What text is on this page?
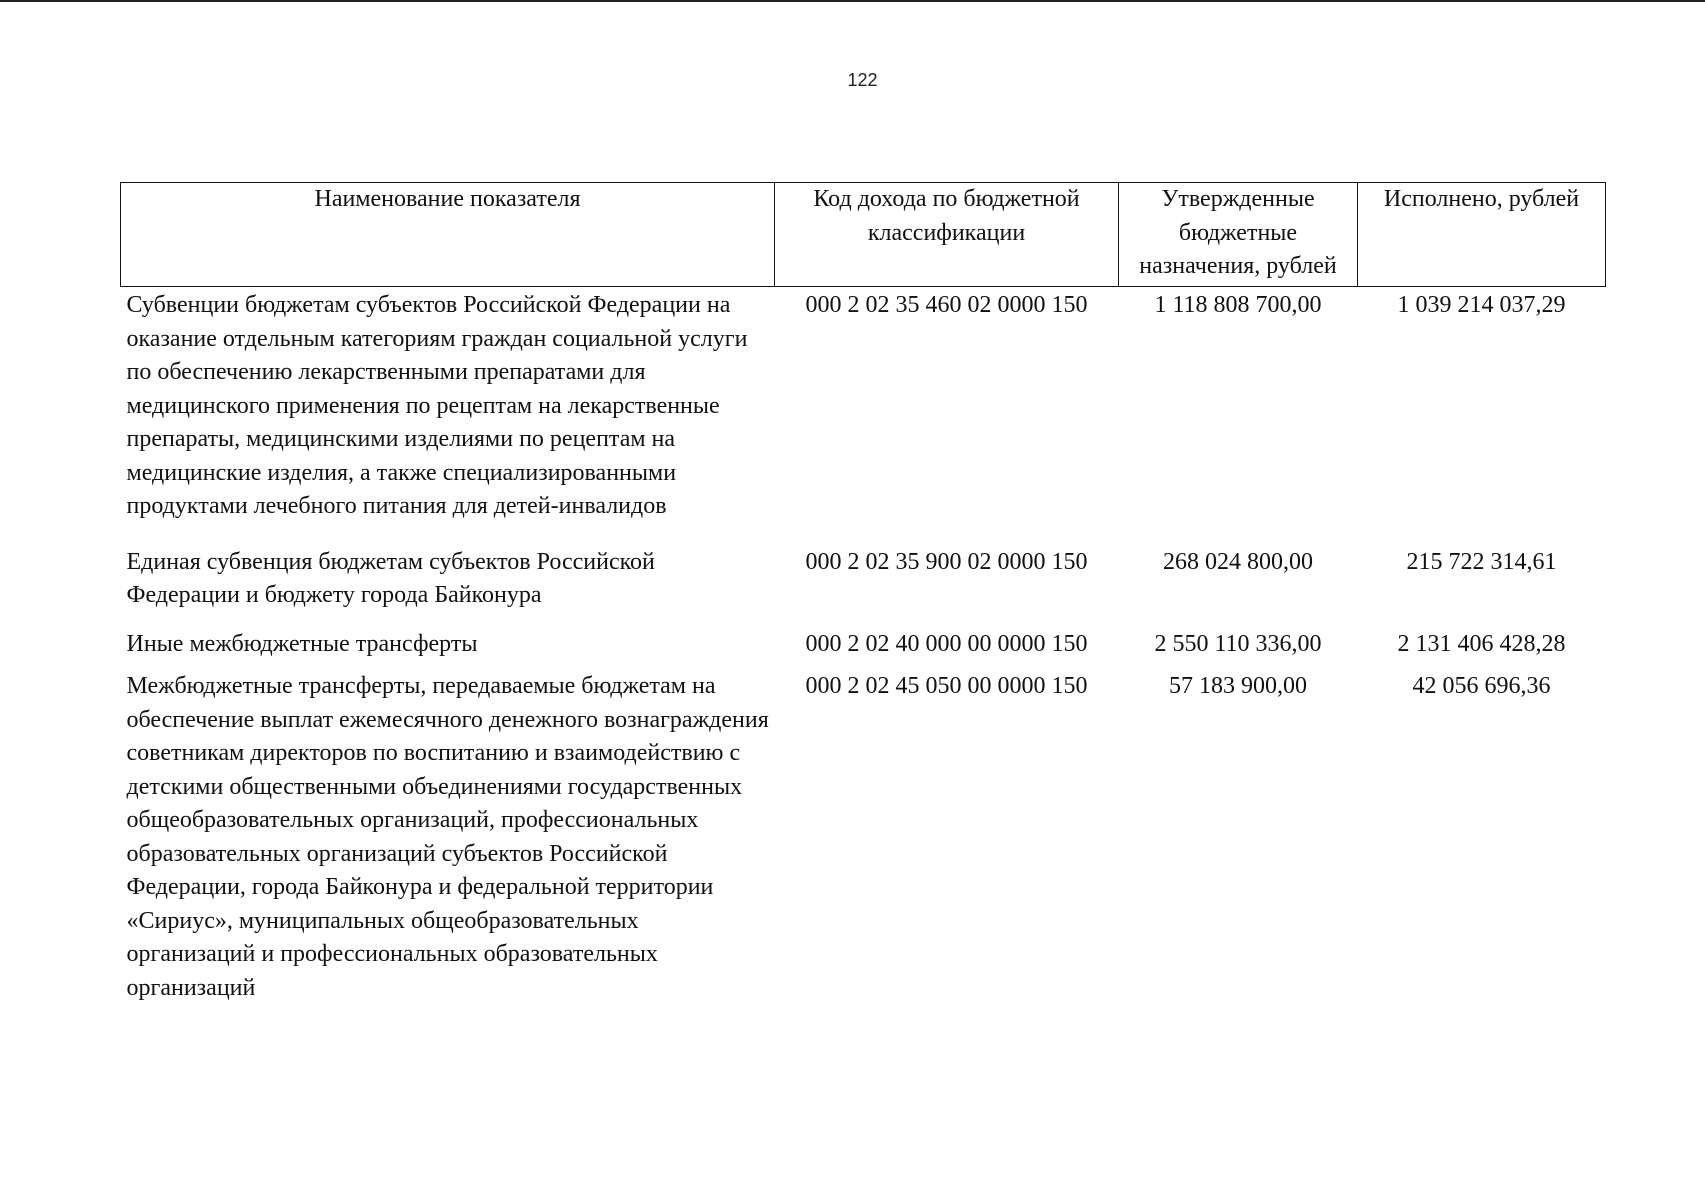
122
Наименование показателя	Код дохода по бюджетной классификации	Утвержденные бюджетные назначения, рублей	Исполнено, рублей
Субвенции бюджетам субъектов Российской Федерации на оказание отдельным категориям граждан социальной услуги по обеспечению лекарственными препаратами для медицинского применения по рецептам на лекарственные препараты, медицинскими изделиями по рецептам на медицинские изделия, а также специализированными продуктами лечебного питания для детей-инвалидов	000 2 02 35 460 02 0000 150	1 118 808 700,00	1 039 214 037,29
Единая субвенция бюджетам субъектов Российской Федерации и бюджету города Байконура	000 2 02 35 900 02 0000 150	268 024 800,00	215 722 314,61
Иные межбюджетные трансферты	000 2 02 40 000 00 0000 150	2 550 110 336,00	2 131 406 428,28
Межбюджетные трансферты, передаваемые бюджетам на обеспечение выплат ежемесячного денежного вознаграждения советникам директоров по воспитанию и взаимодействию с детскими общественными объединениями государственных общеобразовательных организаций, профессиональных образовательных организаций субъектов Российской Федерации, города Байконура и федеральной территории «Сириус», муниципальных общеобразовательных организаций и профессиональных образовательных организаций	000 2 02 45 050 00 0000 150	57 183 900,00	42 056 696,36
